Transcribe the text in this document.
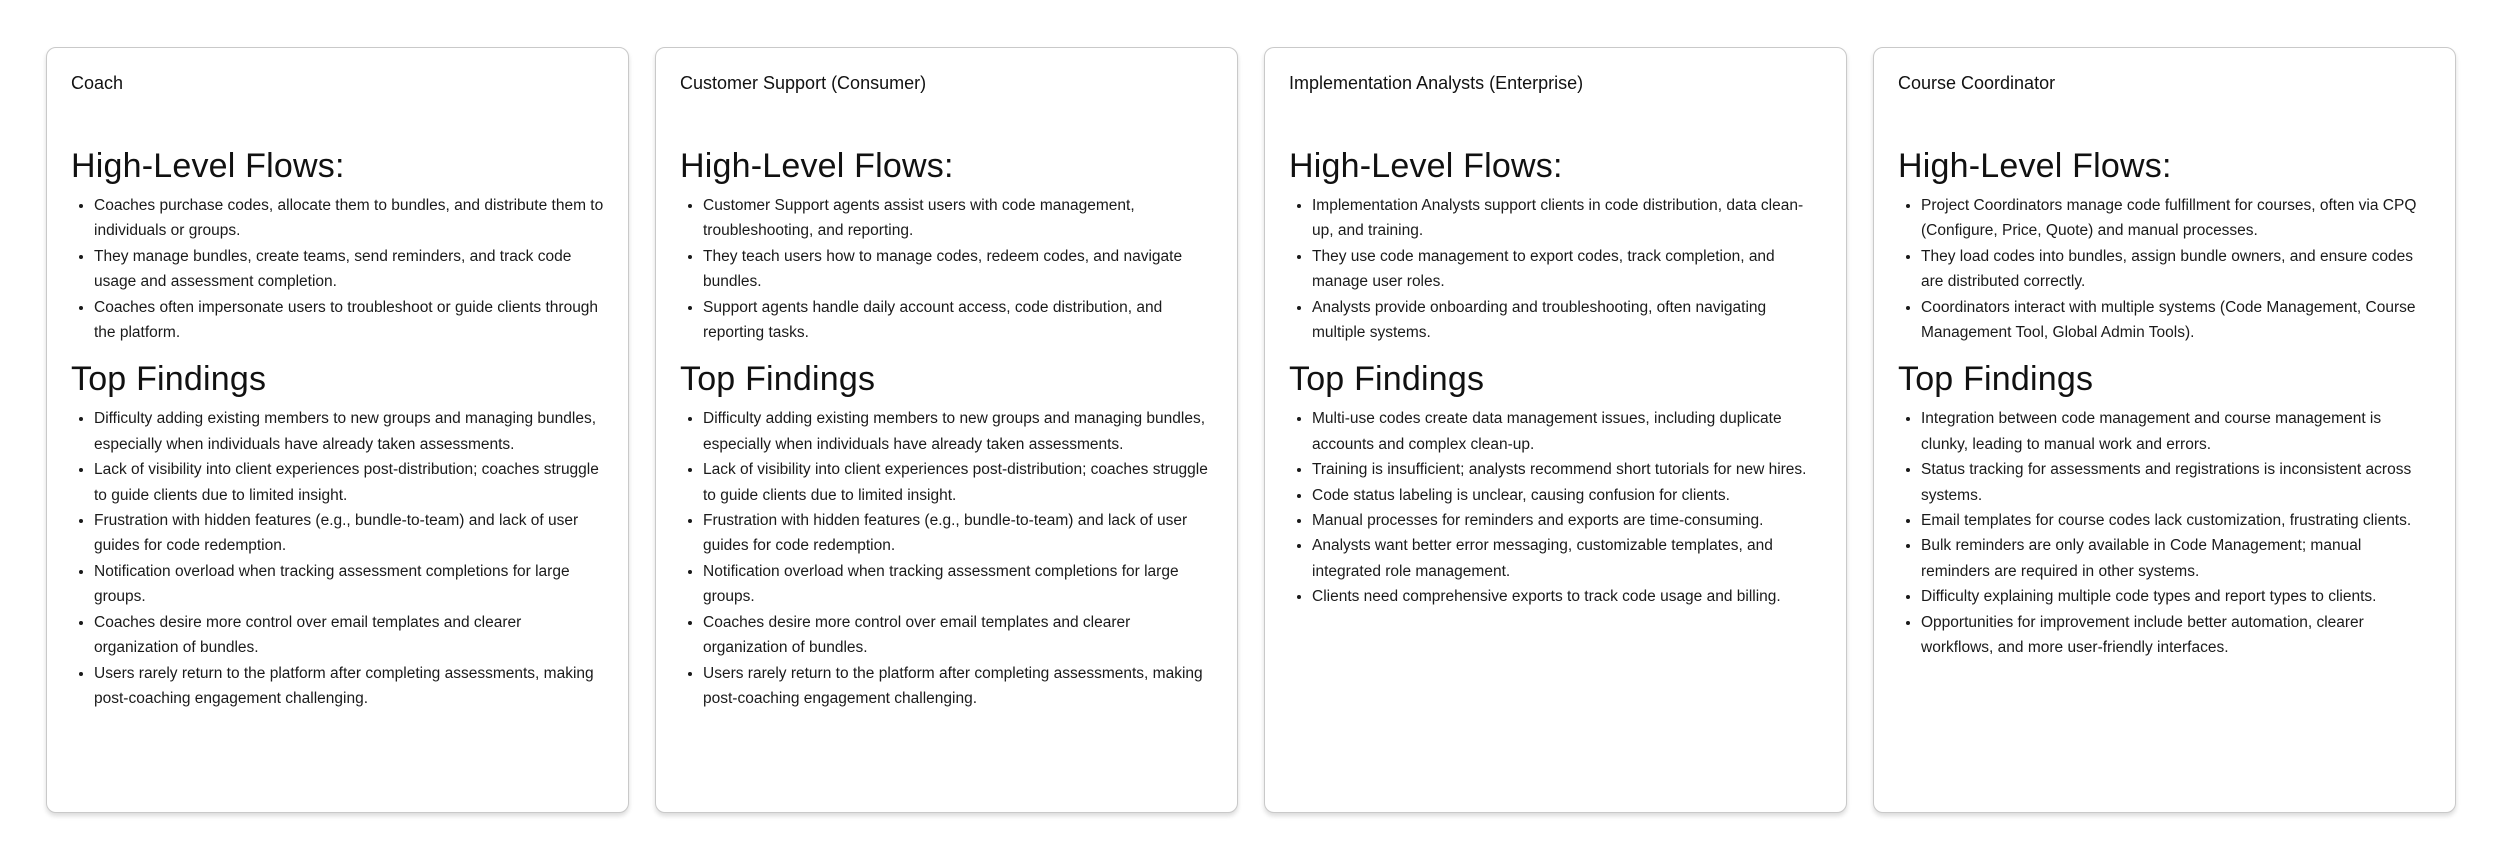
Coach
High-Level Flows:
• Coaches purchase codes, allocate them to bundles, and distribute them to individuals or groups.
• They manage bundles, create teams, send reminders, and track code usage and assessment completion.
• Coaches often impersonate users to troubleshoot or guide clients through the platform.
Top Findings
• Difficulty adding existing members to new groups and managing bundles, especially when individuals have already taken assessments.
• Lack of visibility into client experiences post-distribution; coaches struggle to guide clients due to limited insight.
• Frustration with hidden features (e.g., bundle-to-team) and lack of user guides for code redemption.
• Notification overload when tracking assessment completions for large groups.
• Coaches desire more control over email templates and clearer organization of bundles.
• Users rarely return to the platform after completing assessments, making post-coaching engagement challenging.
Customer Support (Consumer)
High-Level Flows:
• Customer Support agents assist users with code management, troubleshooting, and reporting.
• They teach users how to manage codes, redeem codes, and navigate bundles.
• Support agents handle daily account access, code distribution, and reporting tasks.
Top Findings
• Difficulty adding existing members to new groups and managing bundles, especially when individuals have already taken assessments.
• Lack of visibility into client experiences post-distribution; coaches struggle to guide clients due to limited insight.
• Frustration with hidden features (e.g., bundle-to-team) and lack of user guides for code redemption.
• Notification overload when tracking assessment completions for large groups.
• Coaches desire more control over email templates and clearer organization of bundles.
• Users rarely return to the platform after completing assessments, making post-coaching engagement challenging.
Implementation Analysts (Enterprise)
High-Level Flows:
• Implementation Analysts support clients in code distribution, data clean-up, and training.
• They use code management to export codes, track completion, and manage user roles.
• Analysts provide onboarding and troubleshooting, often navigating multiple systems.
Top Findings
• Multi-use codes create data management issues, including duplicate accounts and complex clean-up.
• Training is insufficient; analysts recommend short tutorials for new hires.
• Code status labeling is unclear, causing confusion for clients.
• Manual processes for reminders and exports are time-consuming.
• Analysts want better error messaging, customizable templates, and integrated role management.
• Clients need comprehensive exports to track code usage and billing.
Course Coordinator
High-Level Flows:
• Project Coordinators manage code fulfillment for courses, often via CPQ (Configure, Price, Quote) and manual processes.
• They load codes into bundles, assign bundle owners, and ensure codes are distributed correctly.
• Coordinators interact with multiple systems (Code Management, Course Management Tool, Global Admin Tools).
Top Findings
• Integration between code management and course management is clunky, leading to manual work and errors.
• Status tracking for assessments and registrations is inconsistent across systems.
• Email templates for course codes lack customization, frustrating clients.
• Bulk reminders are only available in Code Management; manual reminders are required in other systems.
• Difficulty explaining multiple code types and report types to clients.
• Opportunities for improvement include better automation, clearer workflows, and more user-friendly interfaces.
